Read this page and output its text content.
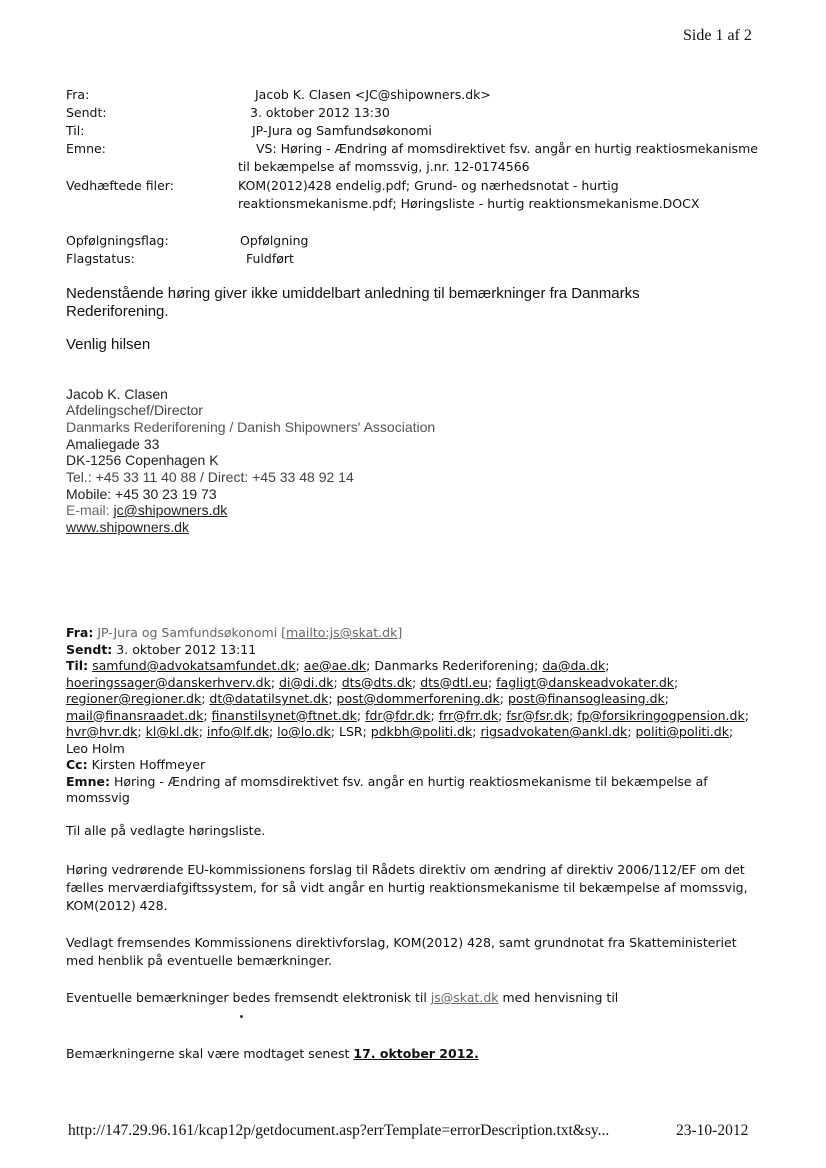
Side 1 af 2
Fra:	Jacob K. Clasen <JC@shipowners.dk>
Sendt:	3. oktober 2012 13:30
Til:	JP-Jura og Samfundsøkonomi
Emne:	VS: Høring - Ændring af momsdirektivet fsv. angår en hurtig reaktiosmekanisme
til bekæmpelse af momssvig, j.nr. 12-0174566
Vedhæftede filer:	KOM(2012)428 endelig.pdf; Grund- og nærhedsnotat - hurtig
reaktionsmekanisme.pdf; Høringsliste - hurtig reaktionsmekanisme.DOCX
Opfølgningsflag:	Opfølgning
Flagstatus:	Fuldført
Nedenstående høring giver ikke umiddelbart anledning til bemærkninger fra Danmarks
Rederiforening.
Venlig hilsen
Jacob K. Clasen
Afdelingschef/Director
Danmarks Rederiforening / Danish Shipowners' Association
Amaliegade 33
DK-1256 Copenhagen K
Tel.: +45 33 11 40 88 / Direct: +45 33 48 92 14
Mobile: +45 30 23 19 73
E-mail: jc@shipowners.dk
www.shipowners.dk
Fra: JP-Jura og Samfundsøkonomi [mailto:js@skat.dk]
Sendt: 3. oktober 2012 13:11
Til: samfund@advokatsamfundet.dk; ae@ae.dk; Danmarks Rederiforening; da@da.dk;
hoeringssager@danskerhverv.dk; di@di.dk; dts@dts.dk; dts@dtl.eu; fagligt@danskeadvokater.dk;
regioner@regioner.dk; dt@datatilsynet.dk; post@dommerforening.dk; post@finansogleasing.dk;
mail@finansraadet.dk; finanstilsynet@ftnet.dk; fdr@fdr.dk; frr@frr.dk; fsr@fsr.dk; fp@forsikringogpension.dk;
hvr@hvr.dk; kl@kl.dk; info@lf.dk; lo@lo.dk; LSR; pdkbh@politi.dk; rigsadvokaten@ankl.dk; politi@politi.dk;
Leo Holm
Cc: Kirsten Hoffmeyer
Emne: Høring - Ændring af momsdirektivet fsv. angår en hurtig reaktiosmekanisme til bekæmpelse af
momssvig
Til alle på vedlagte høringsliste.
Høring vedrørende EU-kommissionens forslag til Rådets direktiv om ændring af direktiv 2006/112/EF om det
fælles merværdiafgiftssystem, for så vidt angår en hurtig reaktionsmekanisme til bekæmpelse af momssvig,
KOM(2012) 428.
Vedlagt fremsendes Kommissionens direktivforslag, KOM(2012) 428, samt grundnotat fra Skatteministeriet
med henblik på eventuelle bemærkninger.
Eventuelle bemærkninger bedes fremsendt elektronisk til js@skat.dk med henvisning til
Bemærkningerne skal være modtaget senest 17. oktober 2012.
http://147.29.96.161/kcap12p/getdocument.asp?errTemplate=errorDescription.txt&sy...	23-10-2012
